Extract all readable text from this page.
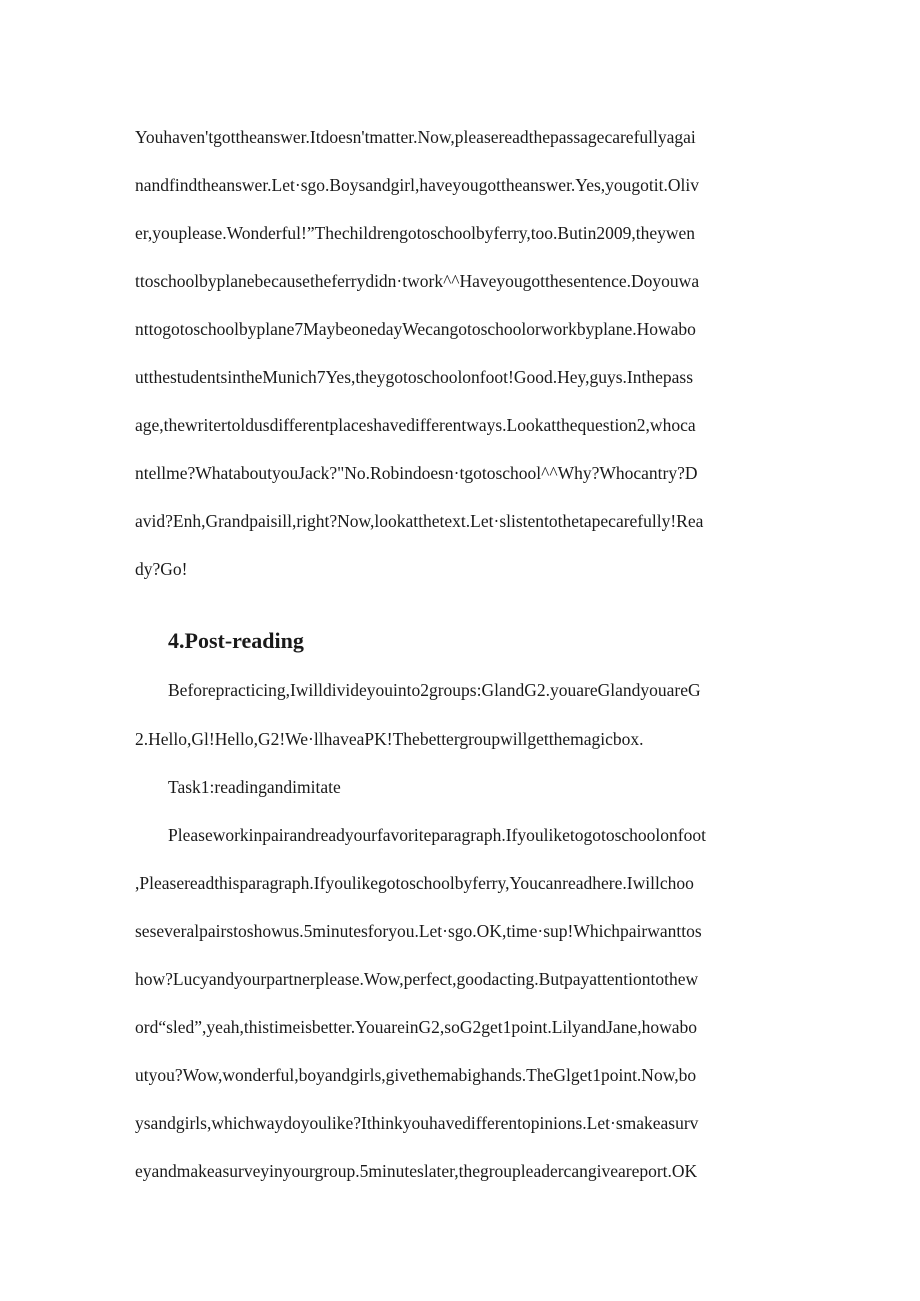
Youhaven'tgottheanswer.Itdoesn'tmatter.Now,pleasereadthepassagecarefullyagai
nandfindtheanswer.Let·sgo.Boysandgirl,haveyougottheanswer.Yes,yougotit.Oliv
er,youplease.Wonderful!”Thechildrengotoschoolbyferry,too.Butin2009,theywen
ttoschoolbyplanebecausetheferrydidn·twork^^Haveyougotthesentence.Doyouwa
nttogotoschoolbyplane7MaybeonedayWecangotoschoolorworkbyplane.Howabo
utthestudentsintheMunich7Yes,theygotoschoolonfoot!Good.Hey,guys.Inthepass
age,thewritertoldusdifferentplaceshavedifferentways.Lookatthequestion2,whoca
ntellme?WhataboutyouJack?"No.Robindoesn·tgotoschool^^Why?Whocantry?D
avid?Enh,Grandpaisill,right?Now,lookatthetext.Let·slistentothetapecarefully!Rea
dy?Go!
4.Post-reading
Beforepracticing,Iwilldivideyouinto2groups:GlandG2.youareGlandyouareG
2.Hello,Gl!Hello,G2!We·llhaveaPK!Thebettergroupwillgetthemagicbox.
Task1:readingandimitate
Pleaseworkinpairandreadyourfavoriteparagraph.Ifyouliketogotoschoolonfoot
,Pleasereadthisparagraph.Ifyoulikegotoschoolbyferry,Youcanreadhere.Iwillchoo
seseveralpairstoshowus.5minutesforyou.Let·sgo.OK,time·sup!Whichpairwanttos
how?Lucyandyourpartnerplease.Wow,perfect,goodacting.Butpayattentiontothew
ord“sled”,yeah,thistimeisbetter.YouareinG2,soG2get1point.LilyandJane,howabo
utyou?Wow,wonderful,boyandgirls,givethemabighands.TheGlget1point.Now,bo
ysandgirls,whichwaydoyoulike?Ithinkyouhavedifferentopinions.Let·smakeasurv
eyandmakeasurveyinyourgroup.5minuteslater,thegroupleadercangiveareport.OK
